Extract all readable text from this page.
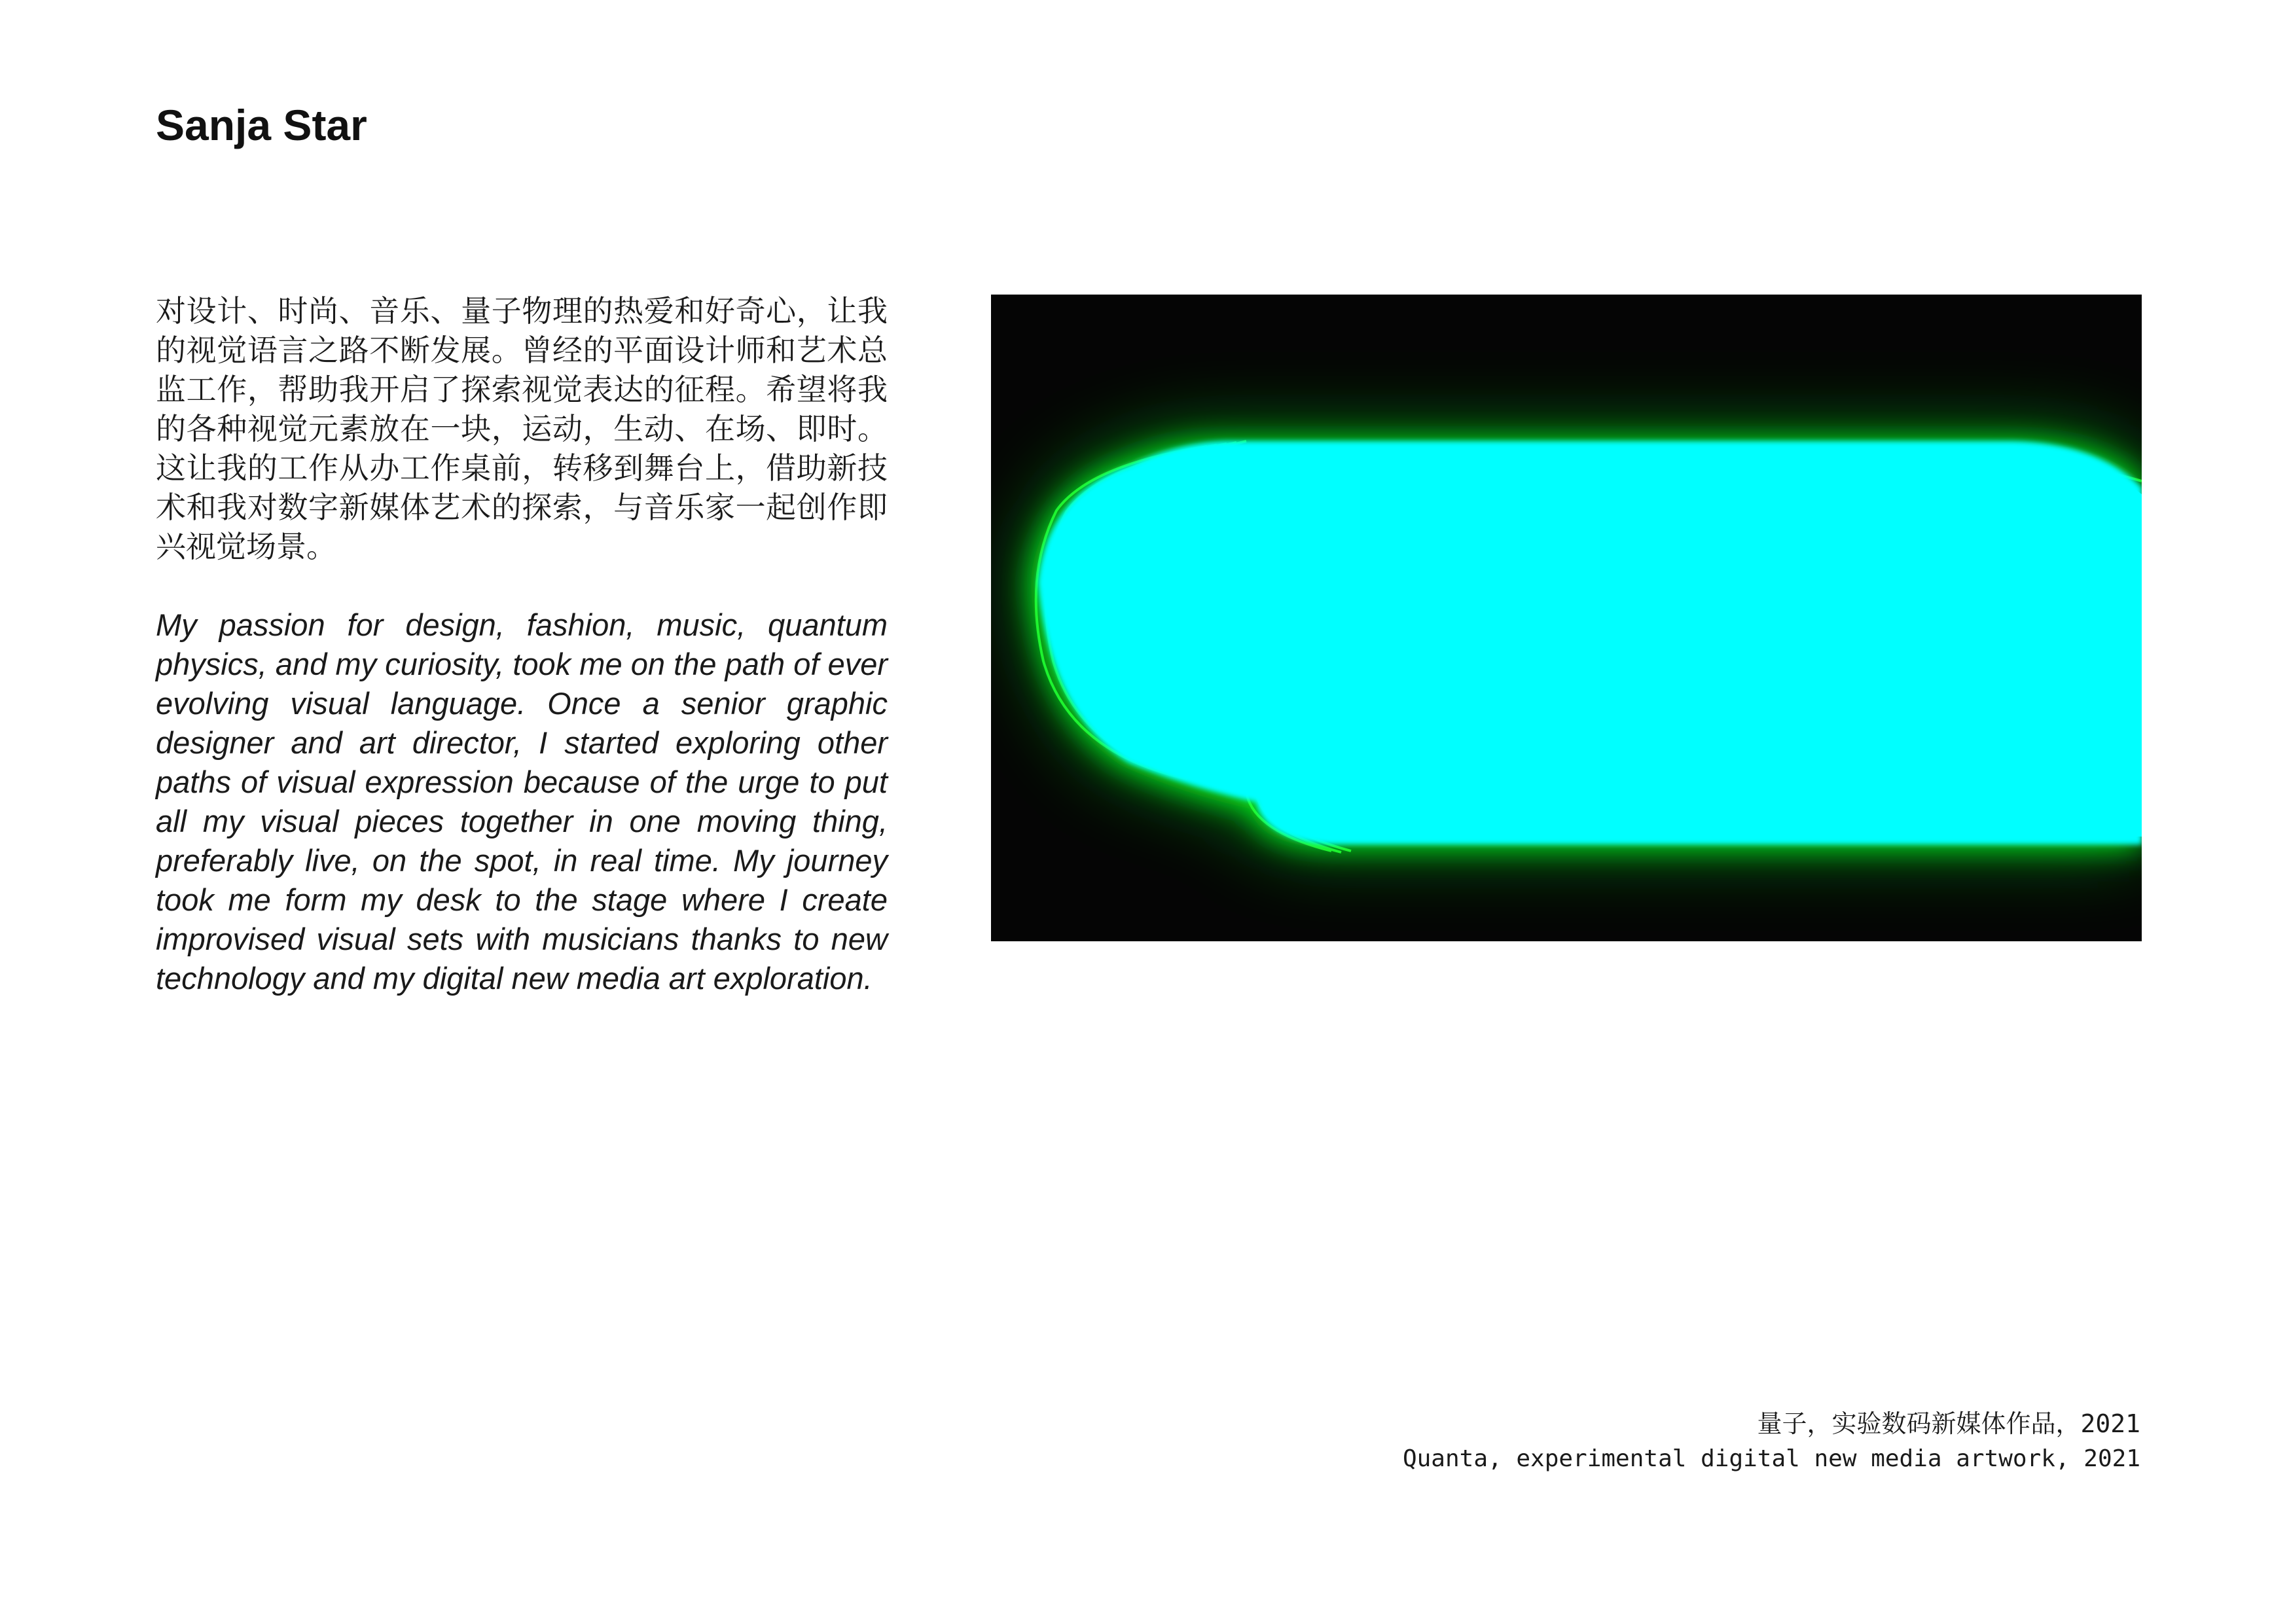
Sanja Star

对设计、时尚、音乐、量子物理的热爱和好奇心，让我的视觉语言之路不断发展。曾经的平面设计师和艺术总监工作，帮助我开启了探索视觉表达的征程。希望将我的各种视觉元素放在一块，运动，生动、在场、即时。这让我的工作从办工作桌前，转移到舞台上，借助新技术和我对数字新媒体艺术的探索，与音乐家一起创作即兴视觉场景。

My passion for design, fashion, music, quantum physics, and my curiosity, took me on the path of ever evolving visual language. Once a senior graphic designer and art director, I started exploring other paths of visual expression because of the urge to put all my visual pieces together in one moving thing, preferably live, on the spot, in real time. My journey took me form my desk to the stage where I create improvised visual sets with musicians thanks to new technology and my digital new media art exploration.

量子，实验数码新媒体作品，2021
Quanta, experimental digital new media artwork, 2021
